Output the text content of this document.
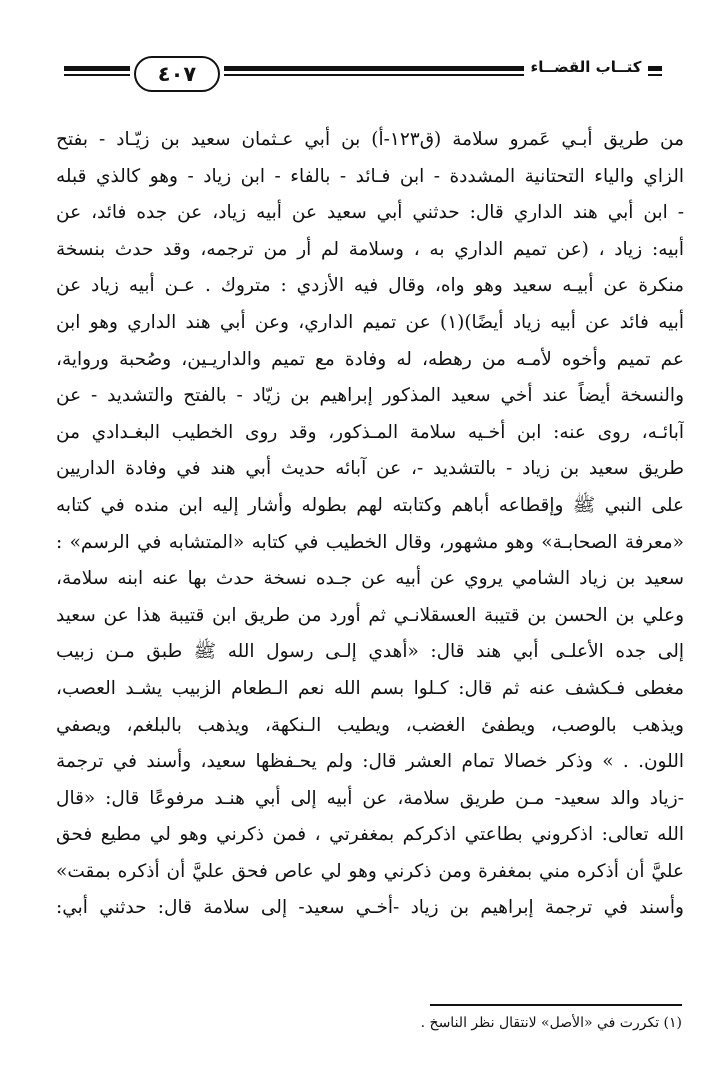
٤٠٧	كتــاب القضــاء
من طريق أبـي عَمرو سلامة (ق١٢٣-أ) بن أبي عـثمان سعيد بن زيّـاد - بفتح
الزاي والياء التحتانية المشددة - ابن فـائد - بالفاء - ابن زياد - وهو كالذي قبله
- ابن أبي هند الداري قال: حدثني أبي سعيد عن أبيه زياد، عن جده فائد، عن
أبيه: زياد ، (عن تميم الداري به ، وسلامة لم أر من ترجمه، وقد حدث بنسخة
منكرة عن أبيـه سعيد وهو واه، وقال فيه الأزدي : متروك . عـن أبيه زياد عن
أبيه فائد عن أبيه زياد أيضًا)(١) عن تميم الداري، وعن أبي هند الداري وهو ابن
عم تميم وأخوه لأمـه من رهطه، له وفادة مع تميم والداريـين، وصُحبة ورواية،
والنسخة أيضاً عند أخي سعيد المذكور إبراهيم بن زيّاد - بالفتح والتشديد - عن
آبائـه، روى عنه: ابن أخـيه سلامة المـذكور، وقد روى الخطيب البغـدادي من
طريق سعيد بن زياد - بالتشديد -، عن آبائه حديث أبي هند في وفادة الداريين
على النبي ﷺ وإقطاعه أباهم وكتابته لهم بطوله وأشار إليه ابن منده في كتابه
«معرفة الصحابـة» وهو مشهور، وقال الخطيب في كتابه «المتشابه في الرسم» :
سعيد بن زياد الشامي يروي عن أبيه عن جـده نسخة حدث بها عنه ابنه سلامة،
وعلي بن الحسن بن قتيبة العسقلانـي ثم أورد من طريق ابن قتيبة هذا عن سعيد
إلى جده الأعلـى أبي هند قال: «أهدي إلـى رسول الله ﷺ طبق مـن زبيب
مغطى فـكشف عنه ثم قال: كـلوا بسم الله نعم الـطعام الزبيب يشـد العصب،
ويذهب بالوصب، ويطفئ الغضب، ويطيب الـنكهة، ويذهب بالبلغم، ويصفي
اللون. . » وذكر خصالا تمام العشر قال: ولم يحـفظها سعيد، وأسند في ترجمة
-زياد والد سعيد- مـن طريق سلامة، عن أبيه إلى أبي هنـد مرفوعًا قال: «قال
الله تعالى: اذكروني بطاعتي اذكركم بمغفرتي ، فمن ذكرني وهو لي مطيع فحق
عليَّ أن أذكره مني بمغفرة ومن ذكرني وهو لي عاص فحق عليَّ أن أذكره بمقت»
وأسند في ترجمة إبراهيم بن زياد -أخـي سعيد- إلى سلامة قال: حدثني أبي:
(١) تكررت في «الأصل» لانتقال نظر الناسخ .
